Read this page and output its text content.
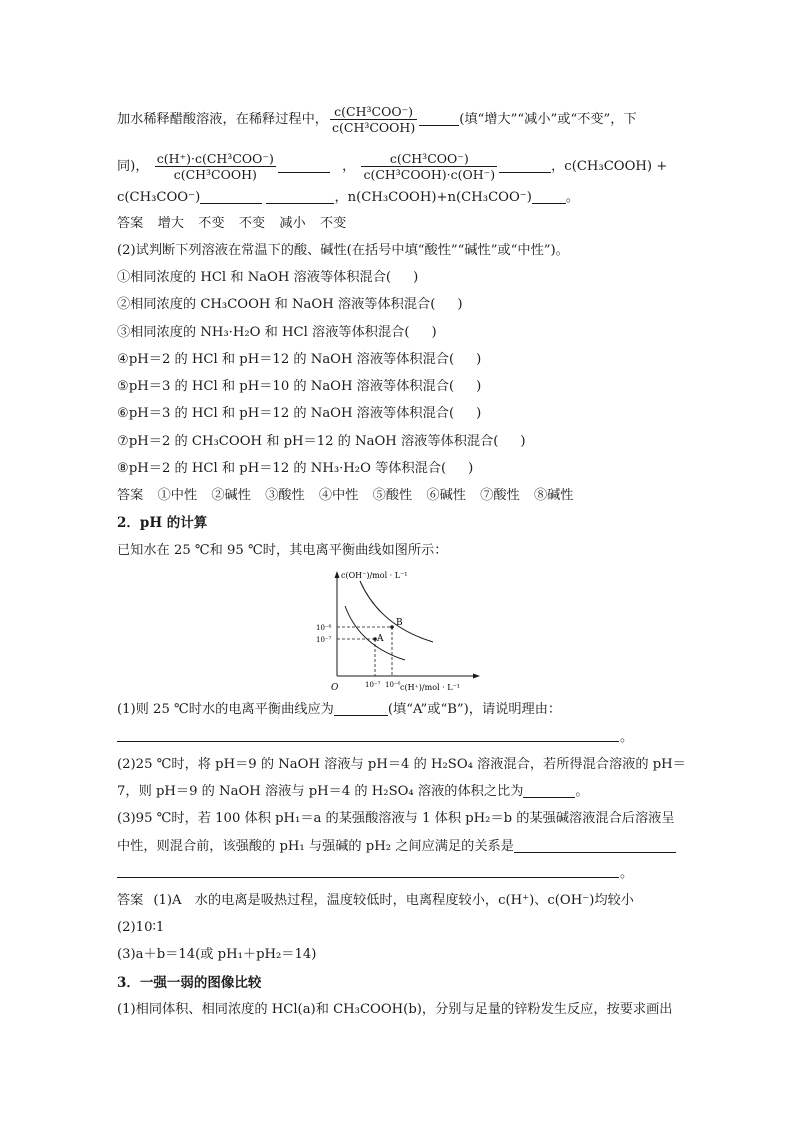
加水稀释醋酸溶液，在稀释过程中， $\frac{\text{c(CH³COO⁻)}}{\text{c(CH³COOH)}}$	(填“增大”“减小”或“不变”，下
同)， $\frac{\text{c(H⁺)·c(CH³COO⁻)}}{\text{c(CH³COOH)}}$	， $\frac{\text{c(CH³COO⁻)}}{\text{c(CH³COOH)·c(OH⁻)}}$	，c(CH₃COOH) +
c(CH₃COO⁻)	，n(CH₃COOH)+n(CH₃COO⁻)	。
答案 增大 不变 不变 减小 不变
(2)试判断下列溶液在常温下的酸、碱性(在括号中填“酸性”“碱性”或“中性”)。
①相同浓度的 HCl 和 NaOH 溶液等体积混合( )
②相同浓度的 CH₃COOH 和 NaOH 溶液等体积混合( )
③相同浓度的 NH₃·H₂O 和 HCl 溶液等体积混合( )
④pH＝2 的 HCl 和 pH＝12 的 NaOH 溶液等体积混合( )
⑤pH＝3 的 HCl 和 pH＝10 的 NaOH 溶液等体积混合( )
⑥pH＝3 的 HCl 和 pH＝12 的 NaOH 溶液等体积混合( )
⑦pH＝2 的 CH₃COOH 和 pH＝12 的 NaOH 溶液等体积混合( )
⑧pH＝2 的 HCl 和 pH＝12 的 NH₃·H₂O 等体积混合( )
答案 ①中性 ②碱性 ③酸性 ④中性 ⑤酸性 ⑥碱性 ⑦酸性 ⑧碱性
2．pH 的计算
已知水在 25 ℃和 95 ℃时，其电离平衡曲线如图所示：
c(OH⁻)/mol · L⁻¹
c(H⁺)/mol · L⁻¹
O
A
B
10⁻⁶
10⁻⁷
10⁻⁷ 10⁻⁶
(1)则 25 ℃时水的电离平衡曲线应为	(填“A”或“B”)，请说明理由：
。
(2)25 ℃时，将 pH＝9 的 NaOH 溶液与 pH＝4 的 H₂SO₄ 溶液混合，若所得混合溶液的 pH＝
7，则 pH＝9 的 NaOH 溶液与 pH＝4 的 H₂SO₄ 溶液的体积之比为	。
(3)95 ℃时，若 100 体积 pH₁＝a 的某强酸溶液与 1 体积 pH₂＝b 的某强碱溶液混合后溶液呈
中性，则混合前，该强酸的 pH₁ 与强碱的 pH₂ 之间应满足的关系是
。
答案 (1)A　水的电离是吸热过程，温度较低时，电离程度较小，c(H⁺)、c(OH⁻)均较小
(2)10∶1
(3)a＋b＝14(或 pH₁＋pH₂＝14)
3．一强一弱的图像比较
(1)相同体积、相同浓度的 HCl(a)和 CH₃COOH(b)，分别与足量的锌粉发生反应，按要求画出
